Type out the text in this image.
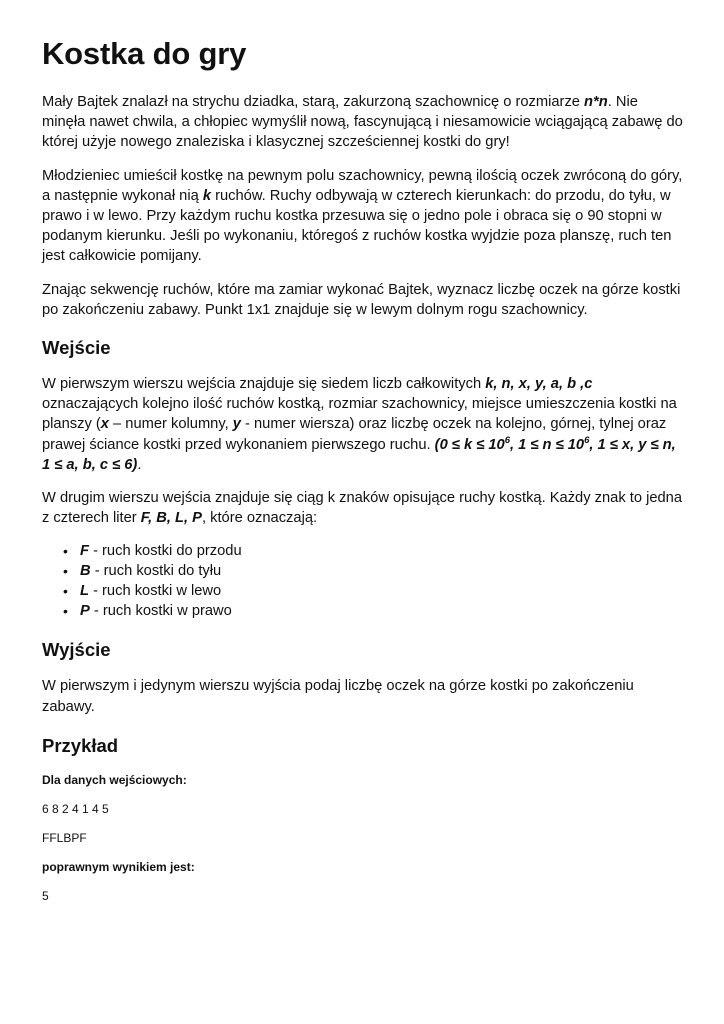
Kostka do gry

Mały Bajtek znalazł na strychu dziadka, starą, zakurzoną szachownicę o rozmiarze n*n. Nie minęła nawet chwila, a chłopiec wymyślił nową, fascynującą i niesamowicie wciągającą zabawę do której użyje nowego znaleziska i klasycznej szcześciennej kostki do gry!

Młodzieniec umieścił kostkę na pewnym polu szachownicy, pewną ilością oczek zwróconą do góry, a następnie wykonał nią k ruchów. Ruchy odbywają w czterech kierunkach: do przodu, do tyłu, w prawo i w lewo. Przy każdym ruchu kostka przesuwa się o jedno pole i obraca się o 90 stopni w podanym kierunku. Jeśli po wykonaniu, któregoś z ruchów kostka wyjdzie poza planszę, ruch ten jest całkowicie pomijany.

Znając sekwencję ruchów, które ma zamiar wykonać Bajtek, wyznacz liczbę oczek na górze kostki po zakończeniu zabawy. Punkt 1x1 znajduje się w lewym dolnym rogu szachownicy.

Wejście

W pierwszym wierszu wejścia znajduje się siedem liczb całkowitych k, n, x, y, a, b ,c oznaczających kolejno ilość ruchów kostką, rozmiar szachownicy, miejsce umieszczenia kostki na planszy (x – numer kolumny, y - numer wiersza) oraz liczbę oczek na kolejno, górnej, tylnej oraz prawej ściance kostki przed wykonaniem pierwszego ruchu. ($0 \le k \le 10^6$, $1 \le n \le 10^6$, 1 ≤ x, y ≤ n, 1 ≤ a, b, c ≤ 6).

W drugim wierszu wejścia znajduje się ciąg k znaków opisujące ruchy kostką. Każdy znak to jedna z czterech liter F, B, L, P, które oznaczają:

• F - ruch kostki do przodu
• B - ruch kostki do tyłu
• L - ruch kostki w lewo
• P - ruch kostki w prawo
Wyjście

W pierwszym i jedynym wierszu wyjścia podaj liczbę oczek na górze kostki po zakończeniu zabawy.

Przykład
Dla danych wejściowych:
6 8 2 4 1 4 5
FFLBPF
poprawnym wynikiem jest:
5
